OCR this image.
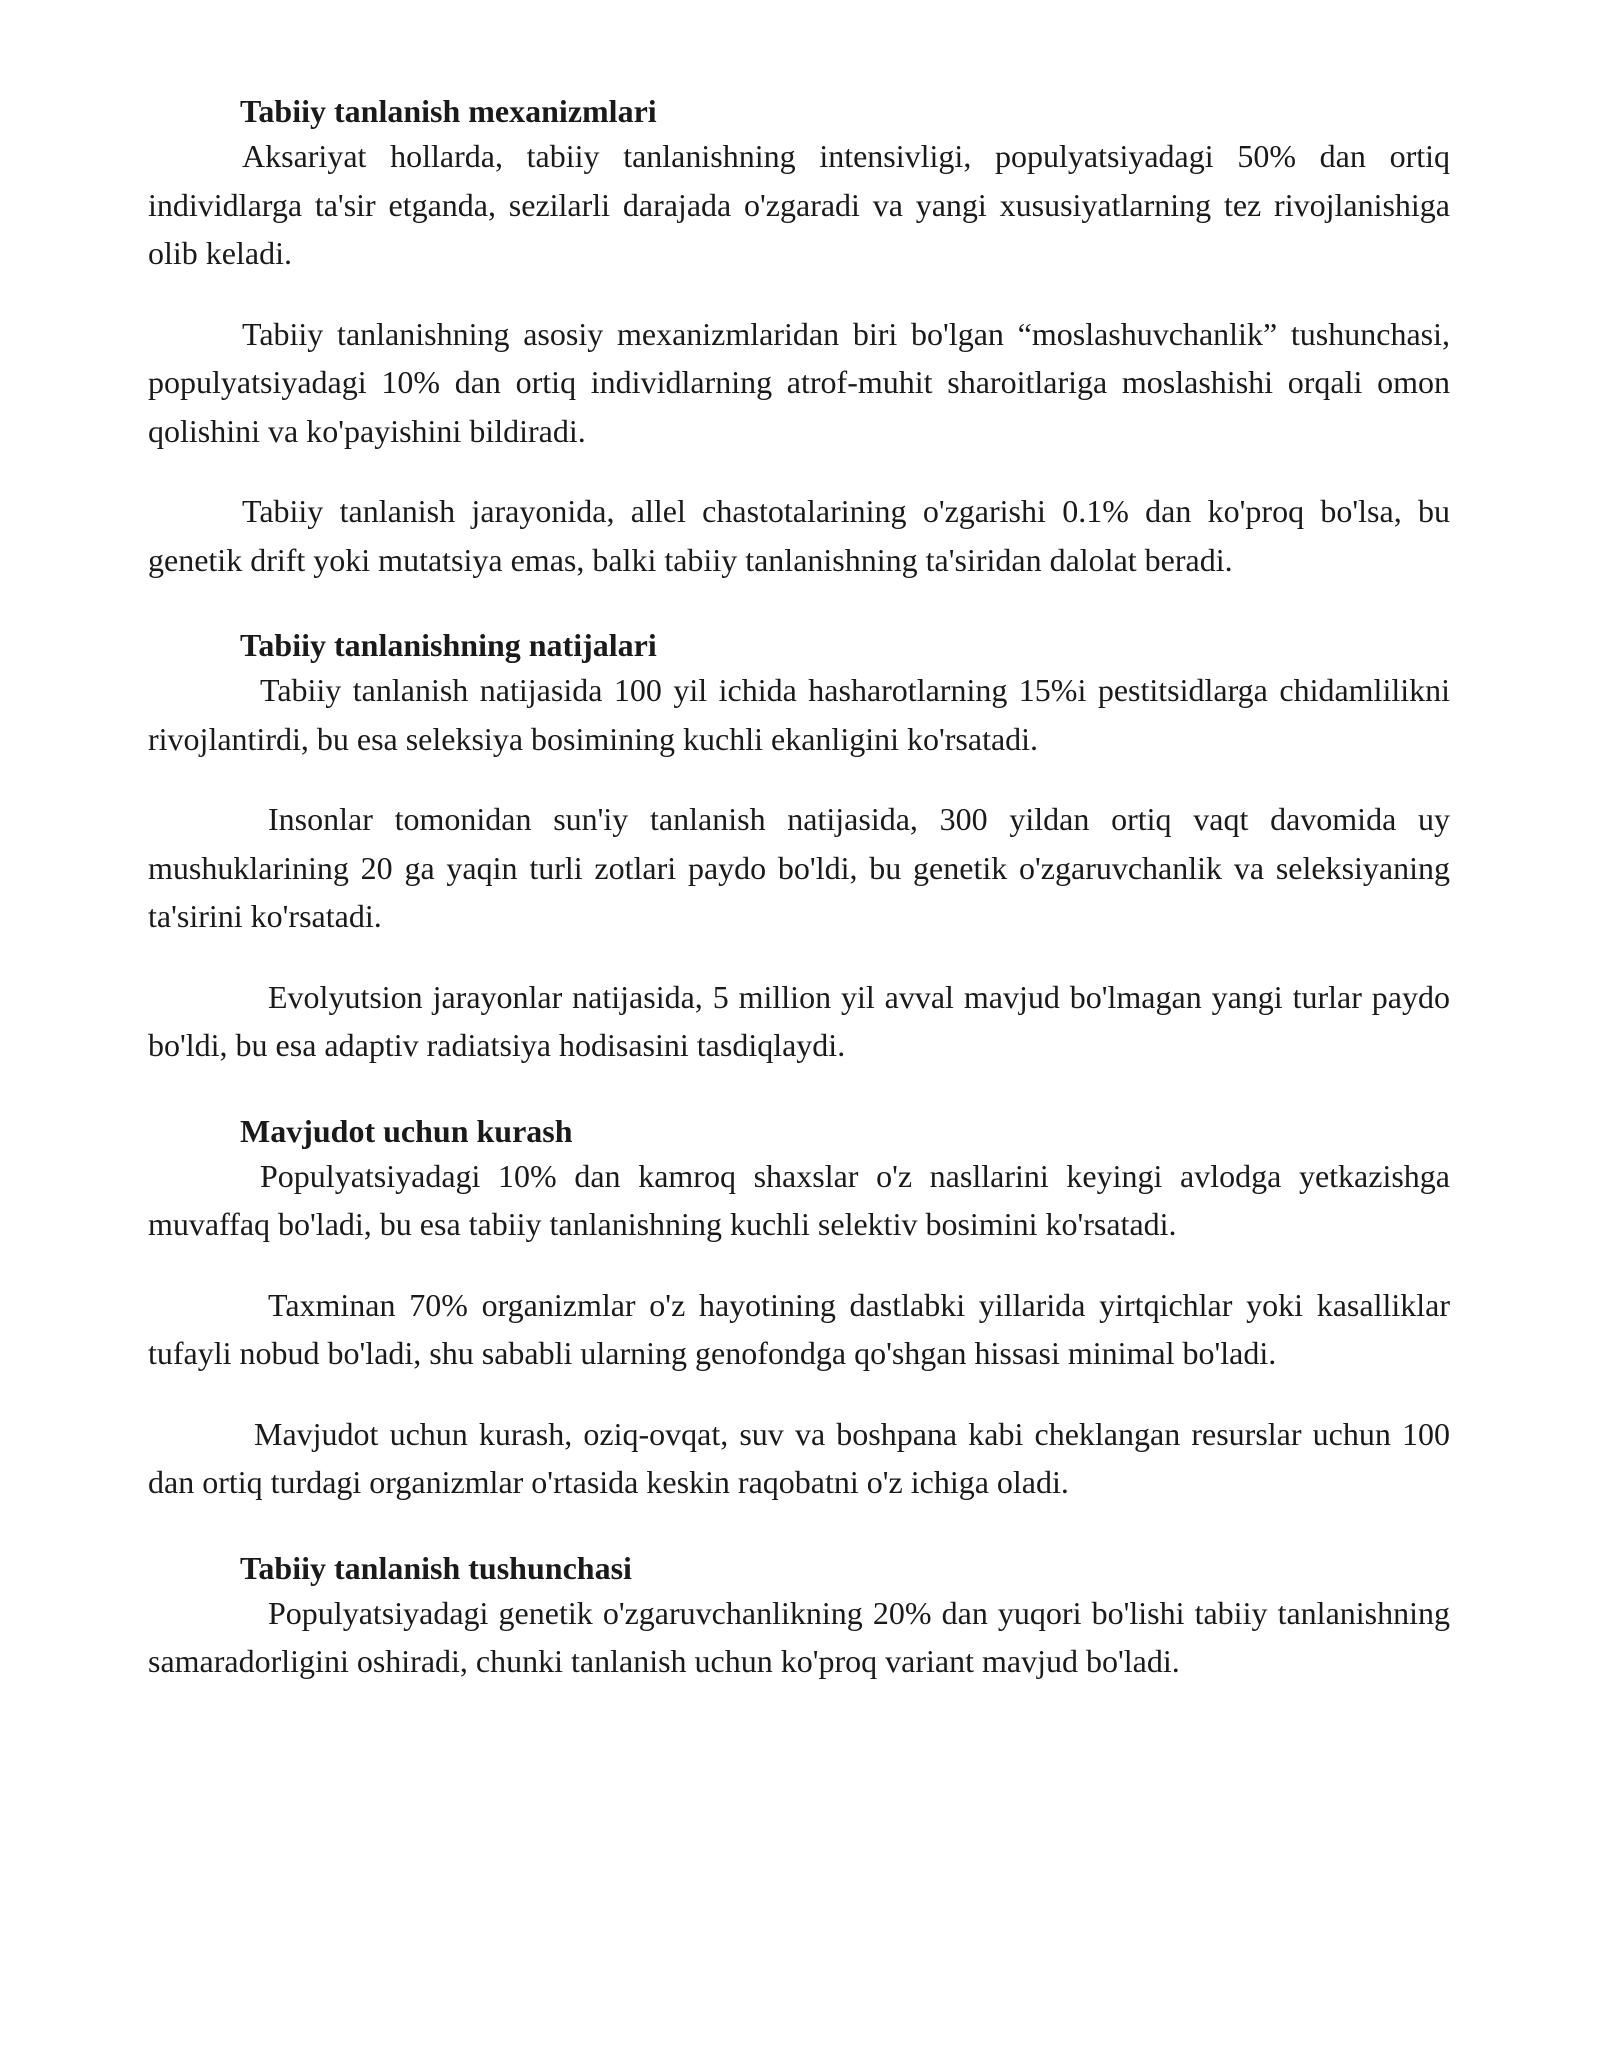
Tabiiy tanlanish mexanizmlari

Aksariyat hollarda, tabiiy tanlanishning intensivligi, populyatsiyadagi 50% dan ortiq individlarga ta'sir etganda, sezilarli darajada o'zgaradi va yangi xususiyatlarning tez rivojlanishiga olib keladi.

Tabiiy tanlanishning asosiy mexanizmlaridan biri bo'lgan “moslashuvchanlik” tushunchasi, populyatsiyadagi 10% dan ortiq individlarning atrof-muhit sharoitlariga moslashishi orqali omon qolishini va ko'payishini bildiradi.

Tabiiy tanlanish jarayonida, allel chastotalarining o'zgarishi 0.1% dan ko'proq bo'lsa, bu genetik drift yoki mutatsiya emas, balki tabiiy tanlanishning ta'siridan dalolat beradi.

Tabiiy tanlanishning natijalari

Tabiiy tanlanish natijasida 100 yil ichida hasharotlarning 15%i pestitsidlarga chidamlilikni rivojlantirdi, bu esa seleksiya bosimining kuchli ekanligini ko'rsatadi.

Insonlar tomonidan sun'iy tanlanish natijasida, 300 yildan ortiq vaqt davomida uy mushuklarining 20 ga yaqin turli zotlari paydo bo'ldi, bu genetik o'zgaruvchanlik va seleksiyaning ta'sirini ko'rsatadi.

Evolyutsion jarayonlar natijasida, 5 million yil avval mavjud bo'lmagan yangi turlar paydo bo'ldi, bu esa adaptiv radiatsiya hodisasini tasdiqlaydi.

Mavjudot uchun kurash

Populyatsiyadagi 10% dan kamroq shaxslar o'z nasllarini keyingi avlodga yetkazishga muvaffaq bo'ladi, bu esa tabiiy tanlanishning kuchli selektiv bosimini ko'rsatadi.

Taxminan 70% organizmlar o'z hayotining dastlabki yillarida yirtqichlar yoki kasalliklar tufayli nobud bo'ladi, shu sababli ularning genofondga qo'shgan hissasi minimal bo'ladi.

Mavjudot uchun kurash, oziq-ovqat, suv va boshpana kabi cheklangan resurslar uchun 100 dan ortiq turdagi organizmlar o'rtasida keskin raqobatni o'z ichiga oladi.

Tabiiy tanlanish tushunchasi

Populyatsiyadagi genetik o'zgaruvchanlikning 20% dan yuqori bo'lishi tabiiy tanlanishning samaradorligini oshiradi, chunki tanlanish uchun ko'proq variant mavjud bo'ladi.
